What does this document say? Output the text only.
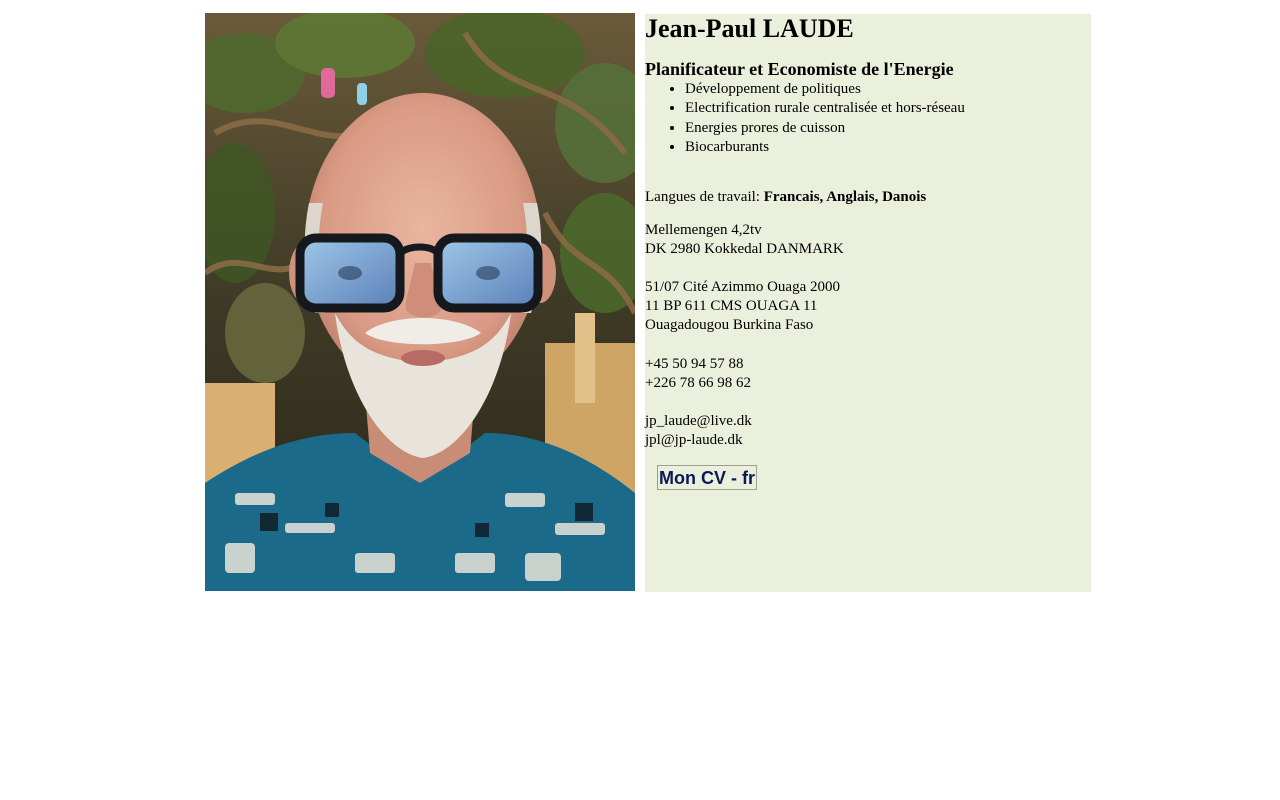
Jean-Paul LAUDE
Planificateur et Economiste de l'Energie
• Développement de politiques
• Electrification rurale centralisée et hors-réseau
• Energies prores de cuisson
• Biocarburants

Langues de travail: Francais, Anglais, Danois

Mellemengen 4,2tv
DK 2980 Kokkedal DANMARK
51/07 Cité Azimmo Ouaga 2000
11 BP 611 CMS OUAGA 11
Ouagadougou Burkina Faso
+45 50 94 57 88
+226 78 66 98 62
jp_laude@live.dk
jpl@jp-laude.dk
Mon CV - fr
